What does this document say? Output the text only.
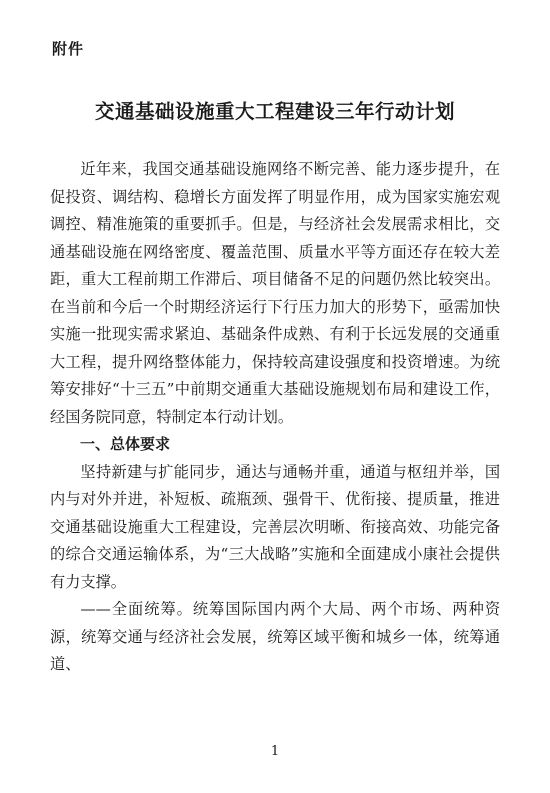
附件
交通基础设施重大工程建设三年行动计划

近年来，我国交通基础设施网络不断完善、能力逐步提升，在促投资、调结构、稳增长方面发挥了明显作用，成为国家实施宏观调控、精准施策的重要抓手。但是，与经济社会发展需求相比，交通基础设施在网络密度、覆盖范围、质量水平等方面还存在较大差距，重大工程前期工作滞后、项目储备不足的问题仍然比较突出。在当前和今后一个时期经济运行下行压力加大的形势下，亟需加快实施一批现实需求紧迫、基础条件成熟、有利于长远发展的交通重大工程，提升网络整体能力，保持较高建设强度和投资增速。为统筹安排好“十三五”中前期交通重大基础设施规划布局和建设工作，经国务院同意，特制定本行动计划。

一、总体要求

坚持新建与扩能同步，通达与通畅并重，通道与枢纽并举，国内与对外并进，补短板、疏瓶颈、强骨干、优衔接、提质量，推进交通基础设施重大工程建设，完善层次明晰、衔接高效、功能完备的综合交通运输体系，为“三大战略”实施和全面建成小康社会提供有力支撑。

——全面统筹。统筹国际国内两个大局、两个市场、两种资源，统筹交通与经济社会发展，统筹区域平衡和城乡一体，统筹通道、

1
